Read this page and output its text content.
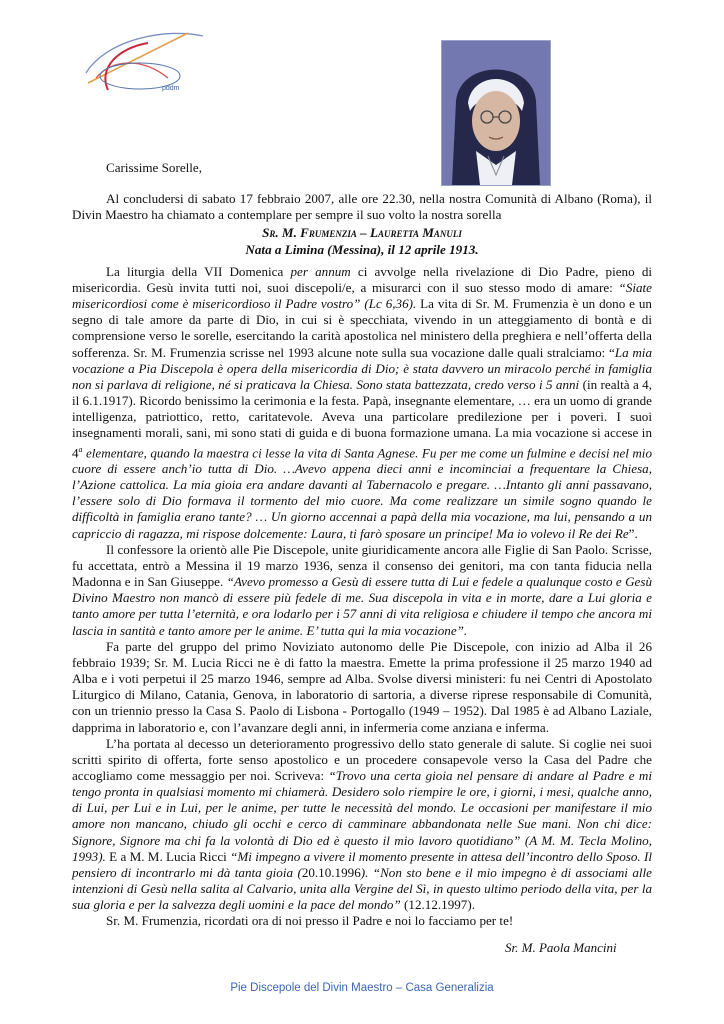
pddm

Carissime Sorelle,

Al concludersi di sabato 17 febbraio 2007, alle ore 22.30, nella nostra Comunità di Albano (Roma), il Divin Maestro ha chiamato a contemplare per sempre il suo volto la nostra sorella

Sr. M. Frumenzia – Lauretta Manuli

Nata a Limina (Messina), il 12 aprile 1913.

La liturgia della VII Domenica per annum ci avvolge nella rivelazione di Dio Padre, pieno di misericordia. Gesù invita tutti noi, suoi discepoli/e, a misurarci con il suo stesso modo di amare: “Siate misericordiosi come è misericordioso il Padre vostro” (Lc 6,36). La vita di Sr. M. Frumenzia è un dono e un segno di tale amore da parte di Dio, in cui si è specchiata, vivendo in un atteggiamento di bontà e di comprensione verso le sorelle, esercitando la carità apostolica nel ministero della preghiera e nell’offerta della sofferenza. Sr. M. Frumenzia scrisse nel 1993 alcune note sulla sua vocazione dalle quali stralciamo: “La mia vocazione a Pia Discepola è opera della misericordia di Dio; è stata davvero un miracolo perché in famiglia non si parlava di religione, né si praticava la Chiesa. Sono stata battezzata, credo verso i 5 anni (in realtà a 4, il 6.1.1917). Ricordo benissimo la cerimonia e la festa. Papà, insegnante elementare, … era un uomo di grande intelligenza, patriottico, retto, caritatevole. Aveva una particolare predilezione per i poveri. I suoi insegnamenti morali, sani, mi sono stati di guida e di buona formazione umana. La mia vocazione si accese in 4$^a$ elementare, quando la maestra ci lesse la vita di Santa Agnese. Fu per me come un fulmine e decisi nel mio cuore di essere anch’io tutta di Dio. …Avevo appena dieci anni e incominciai a frequentare la Chiesa, l’Azione cattolica. La mia gioia era andare davanti al Tabernacolo e pregare. …Intanto gli anni passavano, l’essere solo di Dio formava il tormento del mio cuore. Ma come realizzare un simile sogno quando le difficoltà in famiglia erano tante? … Un giorno accennai a papà della mia vocazione, ma lui, pensando a un capriccio di ragazza, mi rispose dolcemente: Laura, ti farò sposare un principe! Ma io volevo il Re dei Re”.

Il confessore la orientò alle Pie Discepole, unite giuridicamente ancora alle Figlie di San Paolo. Scrisse, fu accettata, entrò a Messina il 19 marzo 1936, senza il consenso dei genitori, ma con tanta fiducia nella Madonna e in San Giuseppe. “Avevo promesso a Gesù di essere tutta di Lui e fedele a qualunque costo e Gesù Divino Maestro non mancò di essere più fedele di me. Sua discepola in vita e in morte, dare a Lui gloria e tanto amore per tutta l’eternità, e ora lodarlo per i 57 anni di vita religiosa e chiudere il tempo che ancora mi lascia in santità e tanto amore per le anime. E’ tutta qui la mia vocazione”.

Fa parte del gruppo del primo Noviziato autonomo delle Pie Discepole, con inizio ad Alba il 26 febbraio 1939; Sr. M. Lucia Ricci ne è di fatto la maestra. Emette la prima professione il 25 marzo 1940 ad Alba e i voti perpetui il 25 marzo 1946, sempre ad Alba. Svolse diversi ministeri: fu nei Centri di Apostolato Liturgico di Milano, Catania, Genova, in laboratorio di sartoria, a diverse riprese responsabile di Comunità, con un triennio presso la Casa S. Paolo di Lisbona - Portogallo (1949 – 1952). Dal 1985 è ad Albano Laziale, dapprima in laboratorio e, con l’avanzare degli anni, in infermeria come anziana e inferma.

L’ha portata al decesso un deterioramento progressivo dello stato generale di salute. Si coglie nei suoi scritti spirito di offerta, forte senso apostolico e un procedere consapevole verso la Casa del Padre che accogliamo come messaggio per noi. Scriveva: “Trovo una certa gioia nel pensare di andare al Padre e mi tengo pronta in qualsiasi momento mi chiamerà. Desidero solo riempire le ore, i giorni, i mesi, qualche anno, di Lui, per Lui e in Lui, per le anime, per tutte le necessità del mondo. Le occasioni per manifestare il mio amore non mancano, chiudo gli occhi e cerco di camminare abbandonata nelle Sue mani. Non chi dice: Signore, Signore ma chi fa la volontà di Dio ed è questo il mio lavoro quotidiano” (A M. M. Tecla Molino, 1993). E a M. M. Lucia Ricci “Mi impegno a vivere il momento presente in attesa dell’incontro dello Sposo. Il pensiero di incontrarlo mi dà tanta gioia (20.10.1996). “Non sto bene e il mio impegno è di associami alle intenzioni di Gesù nella salita al Calvario, unita alla Vergine del Sì, in questo ultimo periodo della vita, per la sua gloria e per la salvezza degli uomini e la pace del mondo” (12.12.1997).

Sr. M. Frumenzia, ricordati ora di noi presso il Padre e noi lo facciamo per te!

Sr. M. Paola Mancini
Pie Discepole del Divin Maestro – Casa Generalizia
